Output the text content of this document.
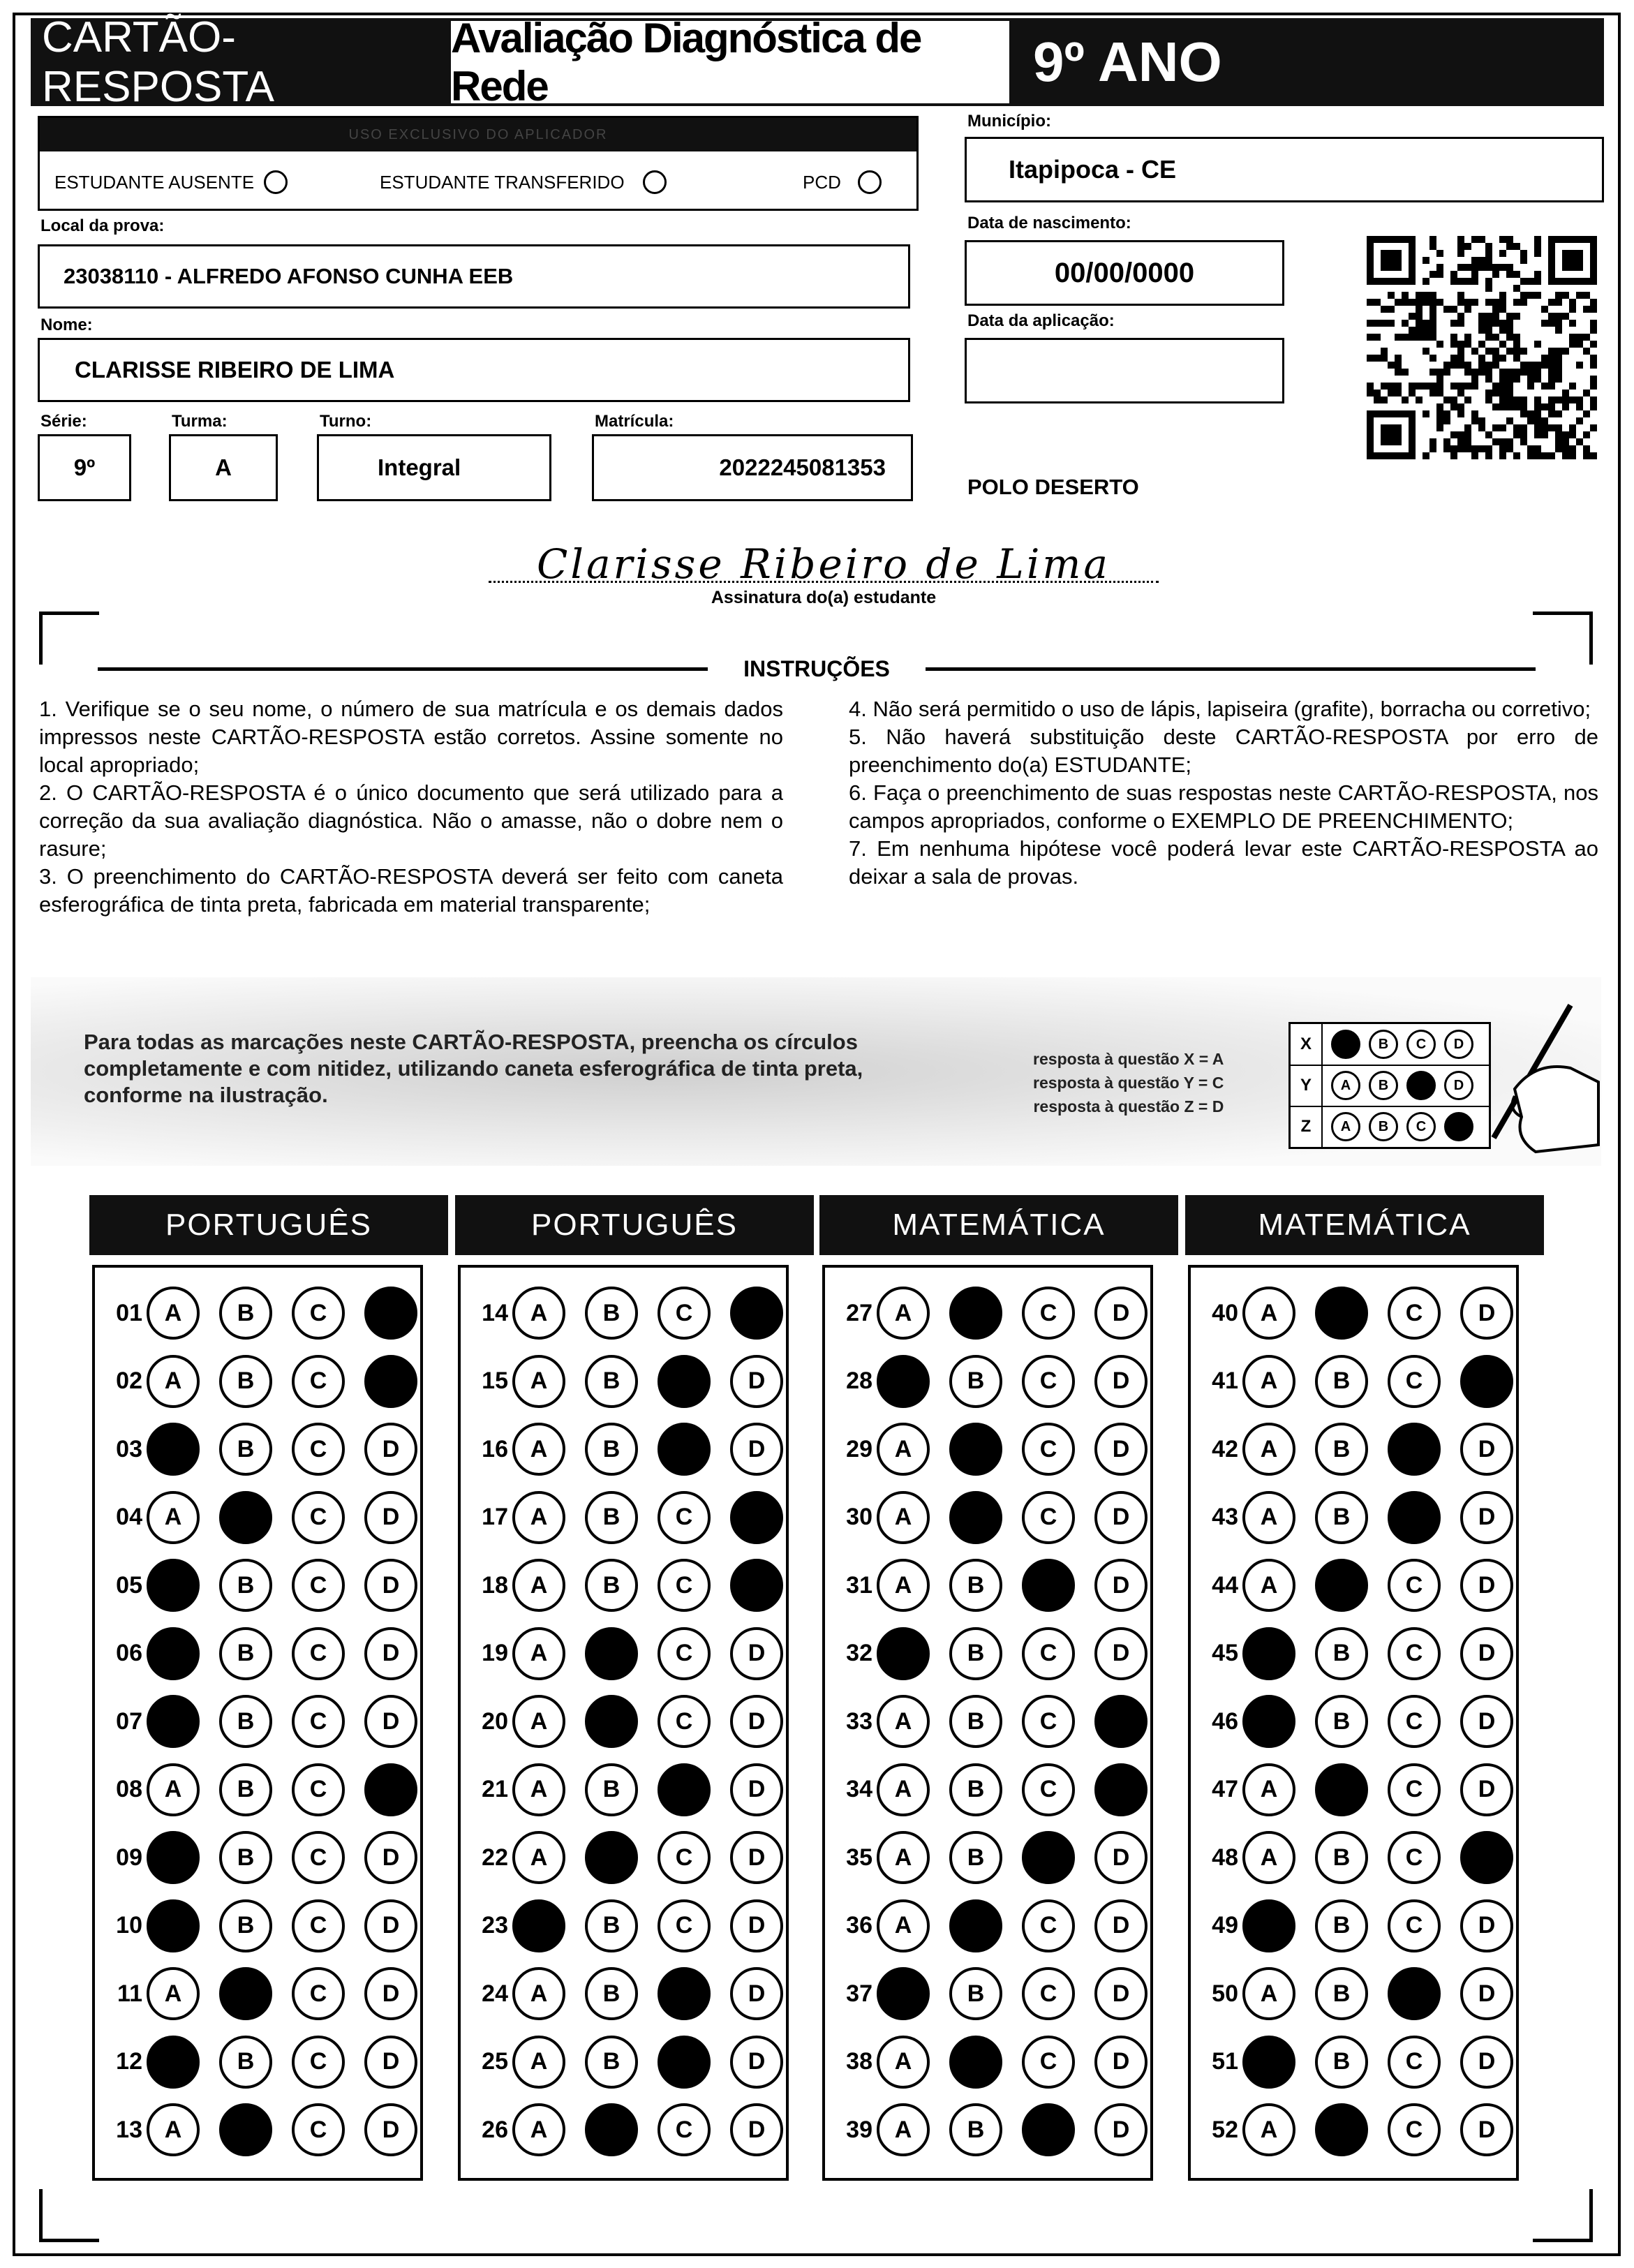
CARTÃO-RESPOSTA
Avaliação Diagnóstica de Rede	9º ANO
USO EXCLUSIVO DO APLICADOR
ESTUDANTE AUSENTE	ESTUDANTE TRANSFERIDO	PCD
Local da prova:
23038110 - ALFREDO AFONSO CUNHA EEB
Nome:
CLARISSE RIBEIRO DE LIMA
Série:
9º
Turma:
A
Turno:
Integral
Matrícula:
2022245081353
Município:
Itapipoca - CE
Data de nascimento:
00/00/0000
Data da aplicação:
POLO DESERTO
Clarisse Ribeiro de Lima
Assinatura do(a) estudante
INSTRUÇÕES
1. Verifique se o seu nome, o número de sua matrícula e os demais dados impressos neste CARTÃO-RESPOSTA estão corretos. Assine somente no local apropriado;
2. O CARTÃO-RESPOSTA é o único documento que será utilizado para a correção da sua avaliação diagnóstica. Não o amasse, não o dobre nem o rasure;
3. O preenchimento do CARTÃO-RESPOSTA deverá ser feito com caneta esferográfica de tinta preta, fabricada em material transparente;
4. Não será permitido o uso de lápis, lapiseira (grafite), borracha ou corretivo;
5. Não haverá substituição deste CARTÃO-RESPOSTA por erro de preenchimento do(a) ESTUDANTE;
6. Faça o preenchimento de suas respostas neste CARTÃO-RESPOSTA, nos campos apropriados, conforme o EXEMPLO DE PREENCHIMENTO;
7. Em nenhuma hipótese você poderá levar este CARTÃO-RESPOSTA ao deixar a sala de provas.
Para todas as marcações neste CARTÃO-RESPOSTA, preencha os círculos completamente e com nitidez, utilizando caneta esferográfica de tinta preta, conforme na ilustração.
resposta à questão X = A
resposta à questão Y = C
resposta à questão Z = D
X	A	B	C	D
Y	A	B	C	D
Z	A	B	C	D
PORTUGUÊS
01 A	B	C	D
02 A	B	C	D
03 A	B	C	D
04 A	B	C	D
05 A	B	C	D
06 A	B	C	D
07 A	B	C	D
08 A	B	C	D
09 A	B	C	D
10 A	B	C	D
11 A	B	C	D
12 A	B	C	D
13 A	B	C	D
PORTUGUÊS
14 A	B	C	D
15 A	B	C	D
16 A	B	C	D
17 A	B	C	D
18 A	B	C	D
19 A	B	C	D
20 A	B	C	D
21 A	B	C	D
22 A	B	C	D
23 A	B	C	D
24 A	B	C	D
25 A	B	C	D
26 A	B	C	D
MATEMÁTICA
27 A	B	C	D
28 A	B	C	D
29 A	B	C	D
30 A	B	C	D
31 A	B	C	D
32 A	B	C	D
33 A	B	C	D
34 A	B	C	D
35 A	B	C	D
36 A	B	C	D
37 A	B	C	D
38 A	B	C	D
39 A	B	C	D
MATEMÁTICA
40 A	B	C	D
41 A	B	C	D
42 A	B	C	D
43 A	B	C	D
44 A	B	C	D
45 A	B	C	D
46 A	B	C	D
47 A	B	C	D
48 A	B	C	D
49 A	B	C	D
50 A	B	C	D
51 A	B	C	D
52 A	B	C	D
